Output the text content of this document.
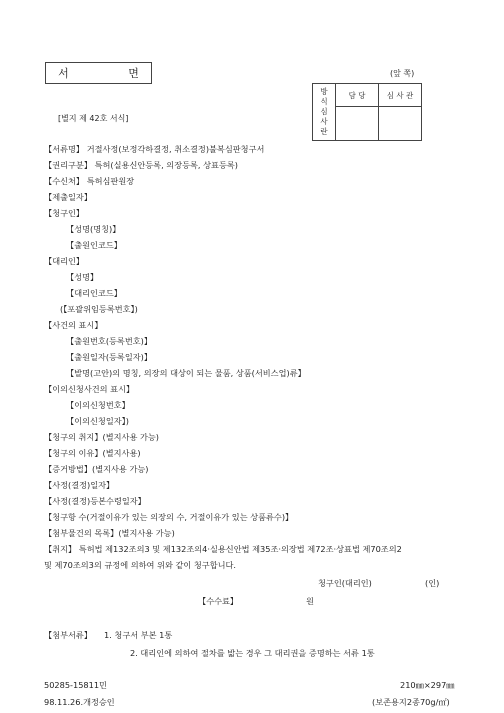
서 면	(앞 쪽)
[별지 제 42호 서식]
방
식
심
사
란	담 당	심 사 관

【서류명】 거절사정(보정각하결정, 취소결정)불복심판청구서
【권리구분】 특허(실용신안등록, 의장등록, 상표등록)
【수신처】 특허심판원장
【제출일자】
【청구인】
【성명(명칭)】
【출원인코드】
【대리인】
【성명】
【대리인코드】
(【포괄위임등록번호】)
【사건의 표시】
【출원번호(등록번호)】
【출원일자(등록일자)】
【발명(고안)의 명칭, 의장의 대상이 되는 물품, 상품(서비스업)류】
【이의신청사건의 표시】
【이의신청번호】
【이의신청일자】)
【청구의 취지】(별지사용 가능)
【청구의 이유】(별지사용)
【증거방법】(별지사용 가능)
【사정(결정)일자】
【사정(결정)등본수령일자】
【청구항 수(거절이유가 있는 의장의 수, 거절이유가 있는 상품류수)】
【첨부물건의 목록】(별지사용 가능)
【취지】 특허법 제132조의3 및 제132조의4·실용신안법 제35조·의장법 제72조·상표법 제70조의2
및 제70조의3의 규정에 의하여 위와 같이 청구합니다.
청구인(대리인)	(인)
【수수료】	원
【첨부서류】 1. 청구서 부본 1통
2. 대리인에 의하여 절차를 밟는 경우 그 대리권을 증명하는 서류 1통
50285-15811민
98.11.26.개정승인
210㎜×297㎜
(보존용지2종70g/㎡)
